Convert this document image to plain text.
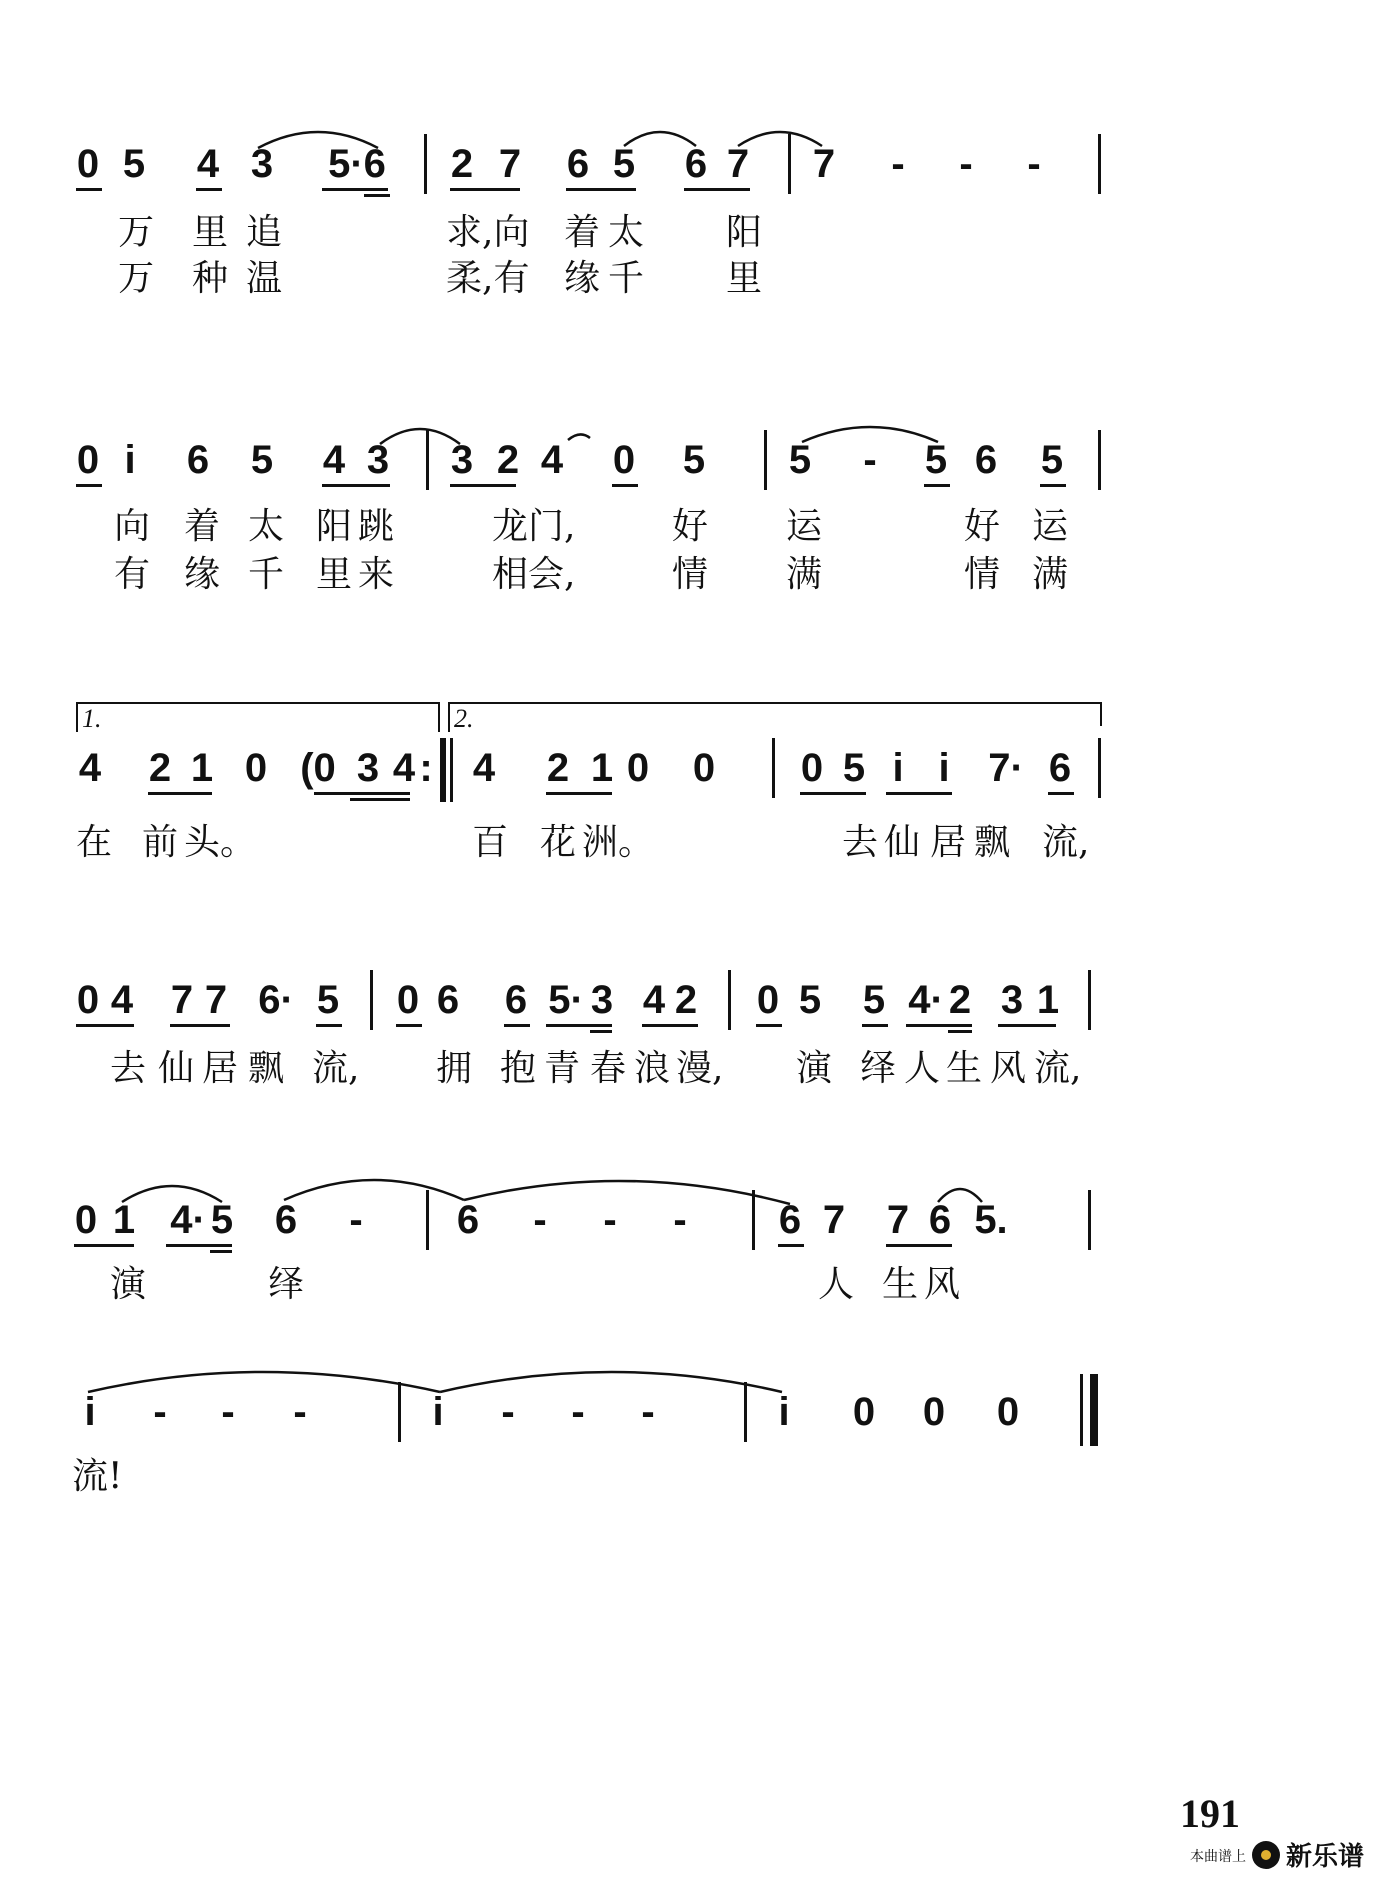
0 5 4 3 5·6 2 7 6 5 6 7 7 - - -
万 里 追	求,向 着 太 阳
万 种 温	柔,有 缘 千 里
0 i	6 5 4 3 3 2 4 0 5 5 - 5 6 5
向 着 太 阳 跳	龙门,	好 运	好 运
有 缘 千 里 来	相会,	情 满	情 满
1.	2.
4 2 1 0 (0 3 4 : 4 2 1 0 0 0 5 i i 7· 6
在 前 头。	百 花 洲。	去 仙 居 飘 流,
0 4 7 7 6· 5 0 6 6 5· 3 4 2 0 5 5 4· 2 3 1
去 仙 居 飘 流, 拥 抱 青 春 浪 漫, 演 绎 人 生 风 流,
0 1 4· 5 6 - 6 - - - 6 7 7 6 5.
演	绎	人 生 风
i	- - -	i	- - -	i	0 0 0
流!
191
本曲谱上 新乐谱
